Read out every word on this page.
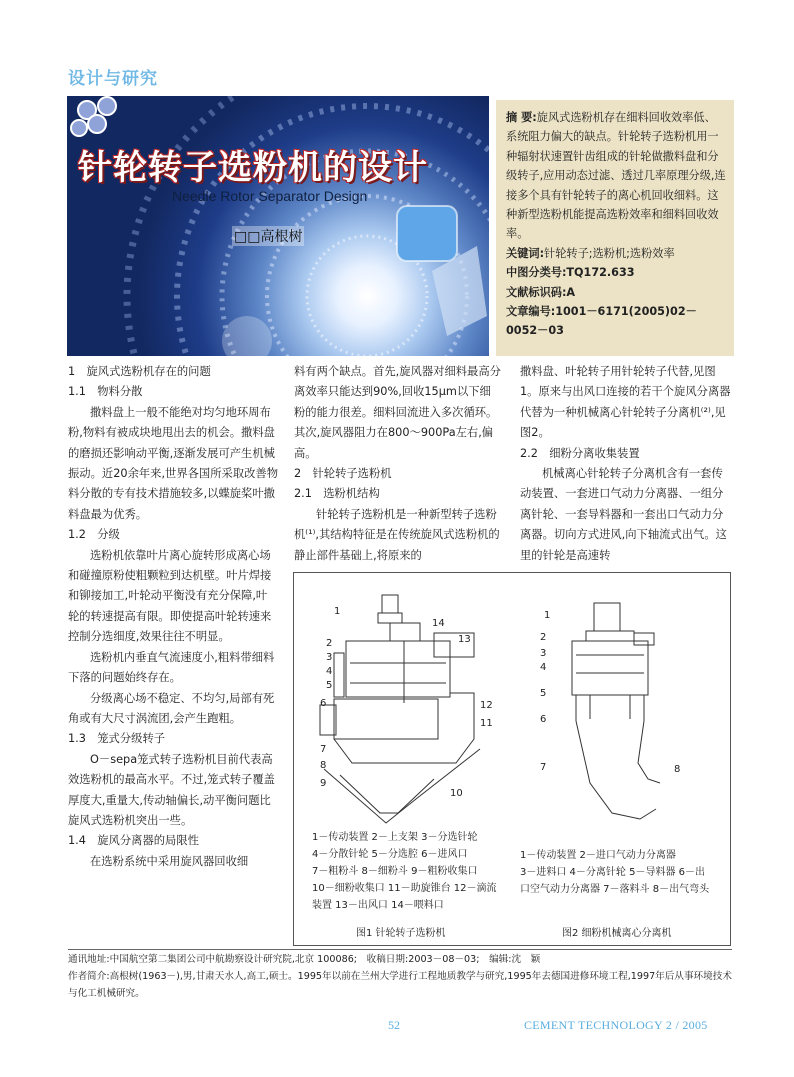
设计与研究
针轮转子选粉机的设计
Needle Rotor Separator Design
□□高根树
摘 要:旋风式选粉机存在细料回收效率低、系统阻力偏大的缺点。针轮转子选粉机用一种辐射状速置针齿组成的针轮做撒料盘和分级转子,应用动态过滤、透过几率原理分级,连接多个具有针轮转子的离心机回收细料。这种新型选粉机能提高选粉效率和细料回收效率。
关键词:针轮转子;选粉机;选粉效率
中图分类号:TQ172.633
文献标识码:A
文章编号:1001－6171(2005)02－0052－03

1　旋风式选粉机存在的问题

1.1　物料分散

撒料盘上一般不能绝对均匀地环周布粉,物料有被成块地甩出去的机会。撒料盘的磨损还影响动平衡,逐渐发展可产生机械振动。近20余年来,世界各国所采取改善物料分散的专有技术措施较多,以蝶旋桨叶撒料盘最为优秀。

1.2　分级

选粉机依靠叶片离心旋转形成离心场和碰撞原粉使粗颗粒到达机壁。叶片焊接和铆接加工,叶轮动平衡没有充分保障,叶轮的转速提高有限。即使提高叶轮转速来控制分选细度,效果往往不明显。

选粉机内垂直气流速度小,粗料带细料下落的问题始终存在。

分级离心场不稳定、不均匀,局部有死角或有大尺寸涡流团,会产生跑粗。

1.3　笼式分级转子

O－sepa笼式转子选粉机目前代表高效选粉机的最高水平。不过,笼式转子覆盖厚度大,重量大,传动轴偏长,动平衡问题比旋风式选粉机突出一些。

1.4　旋风分离器的局限性

在选粉系统中采用旋风器回收细

料有两个缺点。首先,旋风器对细料最高分离效率只能达到90%,回收15μm以下细粉的能力很差。细料回流进入多次循环。其次,旋风器阻力在800～900Pa左右,偏高。

2　针轮转子选粉机

2.1　选粉机结构

针轮转子选粉机是一种新型转子选粉机⁽¹⁾,其结构特征是在传统旋风式选粉机的静止部件基础上,将原来的

撒料盘、叶轮转子用针轮转子代替,见图1。原来与出风口连接的若干个旋风分离器代替为一种机械离心针轮转子分离机⁽²⁾,见图2。

2.2　细粉分离收集装置

机械离心针轮转子分离机含有一套传动装置、一套进口气动力分离器、一组分离针轮、一套导料器和一套出口气动力分离器。切向方式进风,向下轴流式出气。这里的针轮是高速转

1
2
3
4
5
6
7
8
9
10
11
12
13
14
1
2
3
4
5
6
7	8
1－传动装置 2－上支架 3－分选针轮
4－分散针轮 5－分选腔 6－进风口
7－粗粉斗 8－细粉斗 9－粗粉收集口
10－细粉收集口 11－助旋锥台 12－滴流
装置 13－出风口 14－喂料口
1－传动装置 2－进口气动力分离器
3－进料口 4－分离针轮 5－导料器 6－出
口空气动力分离器 7－落料斗 8－出气弯头
图1 针轮转子选粉机	图2 细粉机械离心分离机
通讯地址:中国航空第二集团公司中航勘察设计研究院,北京 100086;　收稿日期:2003－08－03;　编辑:沈　颖
作者简介:高根树(1963－),男,甘肃天水人,高工,硕士。1995年以前在兰州大学进行工程地质教学与研究,1995年去德国进修环境工程,1997年后从事环境技术与化工机械研究。
52	CEMENT TECHNOLOGY 2 / 2005
